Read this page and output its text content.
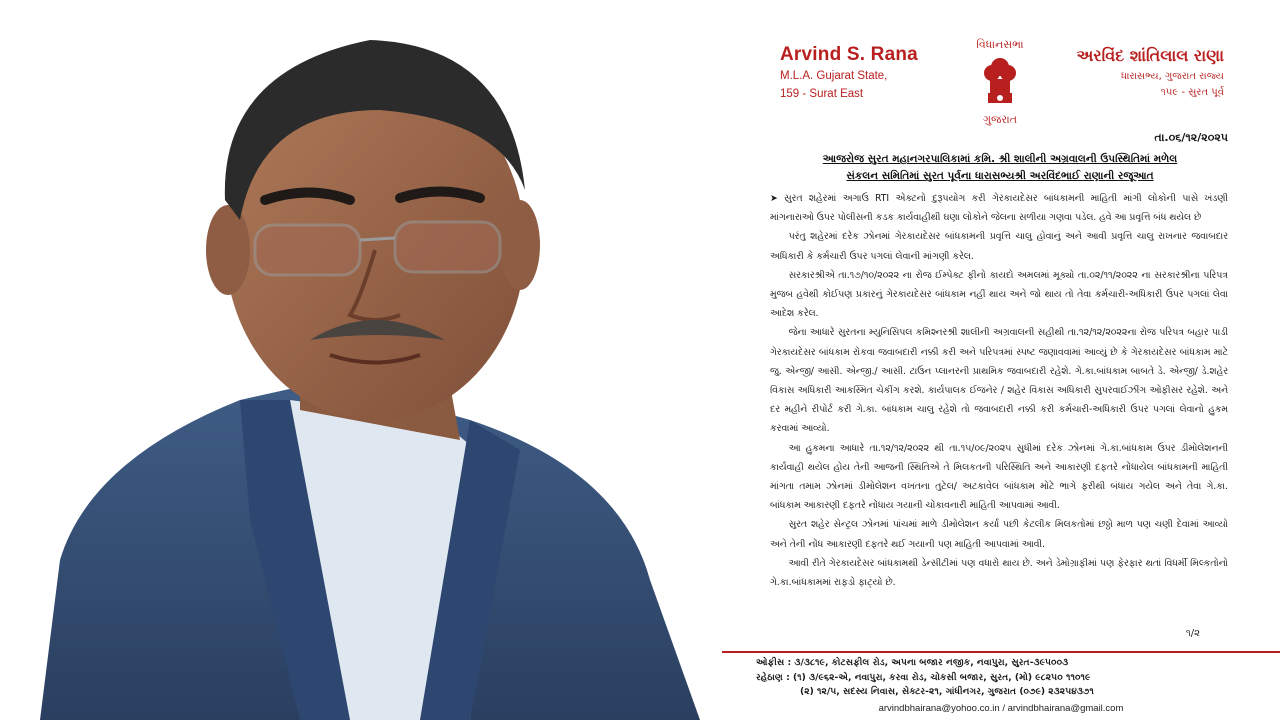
Arvind S. Rana
M.L.A. Gujarat State,
159 - Surat East
વિધાનસભા
ગુજરાત
અરવિંદ શાંતિલાલ રાણા
ધારાસભ્ય, ગુજરાત રાજ્ય
૧૫૯ - સુરત પૂર્વ
તા.૦૬/૧૨/૨૦૨૫
આજરોજ સુરત મહાનગરપાલિકામાં કમિ. શ્રી શાલીની અગ્રવાલની ઉપસ્થિતિમાં મળેલ
સંકલન સમિતિમાં સુરત પૂર્વના ધારાસભ્યશ્રી અરવિંદભાઈ રાણાની રજૂઆત

➤ સુરત શહેરમાં અગાઉ RTI એક્ટનો દુરૂપયોગ કરી ગેરકાયદેસર બાંધકામની માહિતી માંગી લોકોની પાસે ખંડણી માંગનારાઓ ઉપર પોલીસની કડક કાર્યવાહીથી ઘણા લોકોને જેલના સળીયા ગણવા પડેલ. હવે આ પ્રવૃત્તિ બંધ થયેલ છે

  પરંતુ શહેરમાં દરેક ઝોનમાં ગેરકાયદેસર બાંધકામની પ્રવૃત્તિ ચાલુ હોવાનું અને આવી પ્રવૃત્તિ ચાલુ રાખનાર જવાબદાર અધિકારી કે કર્મચારી ઉપર પગલાં લેવાની માંગણી કરેલ.

  સરકારશ્રીએ તા.૧૭/૧૦/૨૦૨૨ ના રોજ ઈમ્પેક્ટ ફીનો કાયદો અમલમાં મૂક્યો તા.૦૨/૧૧/૨૦૨૨ ના સરકારશ્રીના પરિપત્ર મુજબ હવેથી કોઈપણ પ્રકારનું ગેરકાયદેસર બાંધકામ નહીં થાય અને જો થાય તો તેવા કર્મચારી-અધિકારી ઉપર પગલાં લેવા આદેશ કરેલ.

  જેના આધારે સુરતના મ્યુનિસિપલ કમિશ્નરશ્રી શાલીની અગ્રવાલની સહીથી તા.૧૨/૧૨/૨૦૨૨ના રોજ પરિપત્ર બહાર પાડી ગેરકાયદેસર બાંધકામ રોકવા જવાબદારી નક્કી કરી અને પરિપત્રમાં સ્પષ્ટ જણાવવામાં આવ્યું છે કે ગેરકાયદેસર બાંધકામ માટે જુ. એન્જી/ આસી. એન્જી./ આસી. ટાઉન પ્લાનરની પ્રાથમિક જવાબદારી રહેશે. ગે.કા.બાંધકામ બાબતે ડે. એન્જી/ ડે.શહેર વિકાસ અધિકારી આકસ્મિત ચેકીંગ કરશે. કાર્યપાલક ઈજનેર / શહેર વિકાસ અધિકારી સુપરવાઈઝીંગ ઓફીસર રહેશે. અને દર મહીને રીપોર્ટ કરી ગે.કા. બાંધકામ ચાલુ રહેશે તો જવાબદારી નક્કી કરી કર્મચારી-અધિકારી ઉપર પગલાં લેવાનો હુકમ કરવામાં આવ્યો.

  આ હુકમના આધારે તા.૧૨/૧૨/૨૦૨૨ થી તા.૧૫/૦૯/૨૦૨૫ સુધીમાં દરેક ઝોનમાં ગે.કા.બાંધકામ ઉપર ડીમોલેશનની કાર્યવાહી થયેલ હોય તેની આજની સ્થિતિએ તે મિલકતની પરિસ્થિતિ અને આકારણી દફતરે નોંધાયેલ બાંધકામની માહિતી માંગતા તમામ ઝોનમાં ડીમોલેશન વખતના તુટેલ/ અટકાવેલ બાંધકામ મોટે ભાગે ફરીથી બંધાય ગયેલ અને તેવા ગે.કા. બાંધકામ આકારણી દફતરે નોંધાય ગયાની ચોંકાવનારી માહિતી આપવામાં આવી.

  સુરત શહેર સેન્ટ્રલ ઝોનમાં પાંચમાં માળે ડીમોલેશન કર્યા પછી કેટલીક મિલકતોમાં છઠ્ઠો માળ પણ ચણી દેવામાં આવ્યો અને તેની નોંધ આકારણી દફતરે થઈ ગયાની પણ માહિતી આપવામાં આવી.

  આવી રીતે ગેરકાયદેસર બાંધકામથી ડેન્સીટીમાં પણ વધારો થાય છે. અને ડેમોગ્રાફીમાં પણ ફેરફાર થતાં વિધર્મી મિલ્કતોનો ગે.કા.બાંધકામમાં રાફડો ફાટ્યો છે.

૧/૨
ઓફીસ : ૩/૩૮૧૯, કોટસફીલ રોડ, અપના બજાર નજીક, નવાપુરા, સુરત-૩૯૫૦૦૩
રહેઠાણ : (૧) ૩/૯૬૨-એ, નવાપુરા, કરવા રોડ, ચોકસી બજાર, સુરત, (મો) ૯૮૨૫૦ ૧૧૦૧૯
(૨) ૧૨/૫, સદસ્ય નિવાસ, સેક્ટર-૨૧, ગાંધીનગર, ગુજરાત (૦૭૯) ૨૩૨૫૪૩૭૧
arvindbhairana@yohoo.co.in / arvindbhairana@gmail.com
